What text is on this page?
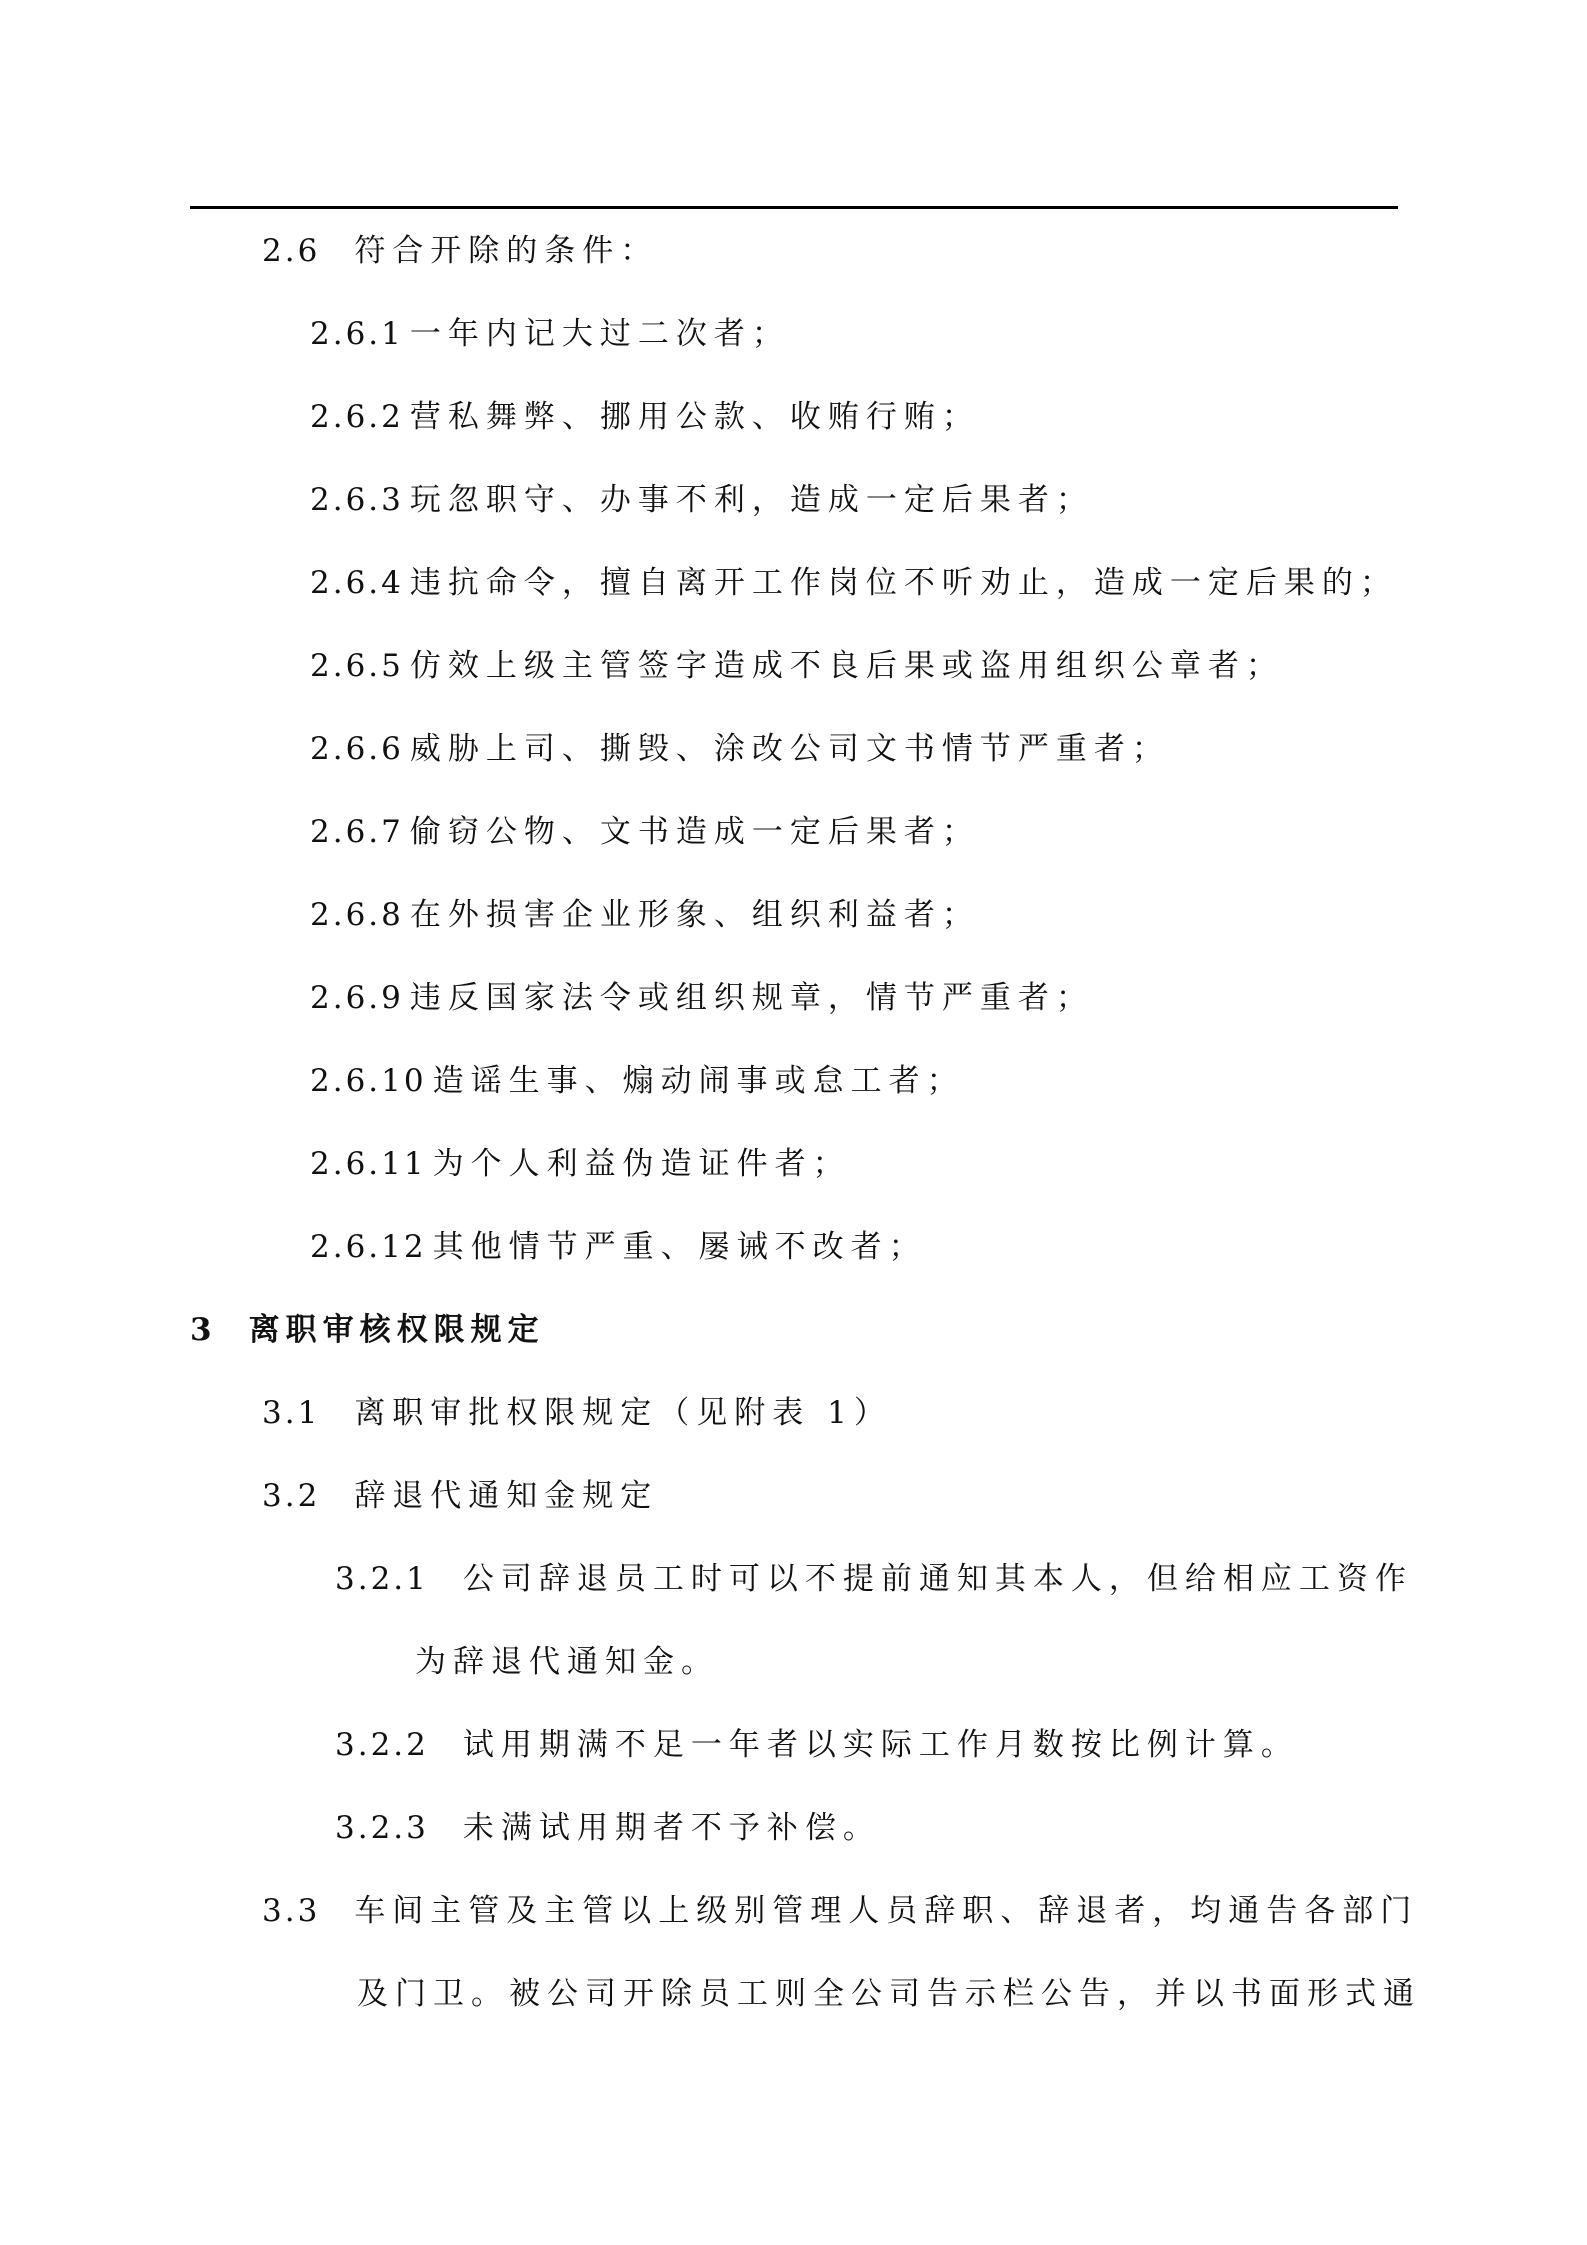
2.6 符合开除的条件：
2.6.1 一年内记大过二次者；
2.6.2 营私舞弊、挪用公款、收贿行贿；
2.6.3 玩忽职守、办事不利，造成一定后果者；
2.6.4 违抗命令，擅自离开工作岗位不听劝止，造成一定后果的；
2.6.5 仿效上级主管签字造成不良后果或盗用组织公章者；
2.6.6 威胁上司、撕毁、涂改公司文书情节严重者；
2.6.7 偷窃公物、文书造成一定后果者；
2.6.8 在外损害企业形象、组织利益者；
2.6.9 违反国家法令或组织规章，情节严重者；
2.6.10 造谣生事、煽动闹事或怠工者；
2.6.11 为个人利益伪造证件者；
2.6.12 其他情节严重、屡诫不改者；
3 离职审核权限规定
3.1 离职审批权限规定（见附表 1）
3.2 辞退代通知金规定
3.2.1 公司辞退员工时可以不提前通知其本人，但给相应工资作
为辞退代通知金。
3.2.2 试用期满不足一年者以实际工作月数按比例计算。
3.2.3 未满试用期者不予补偿。
3.3 车间主管及主管以上级别管理人员辞职、辞退者，均通告各部门
及门卫。被公司开除员工则全公司告示栏公告，并以书面形式通
